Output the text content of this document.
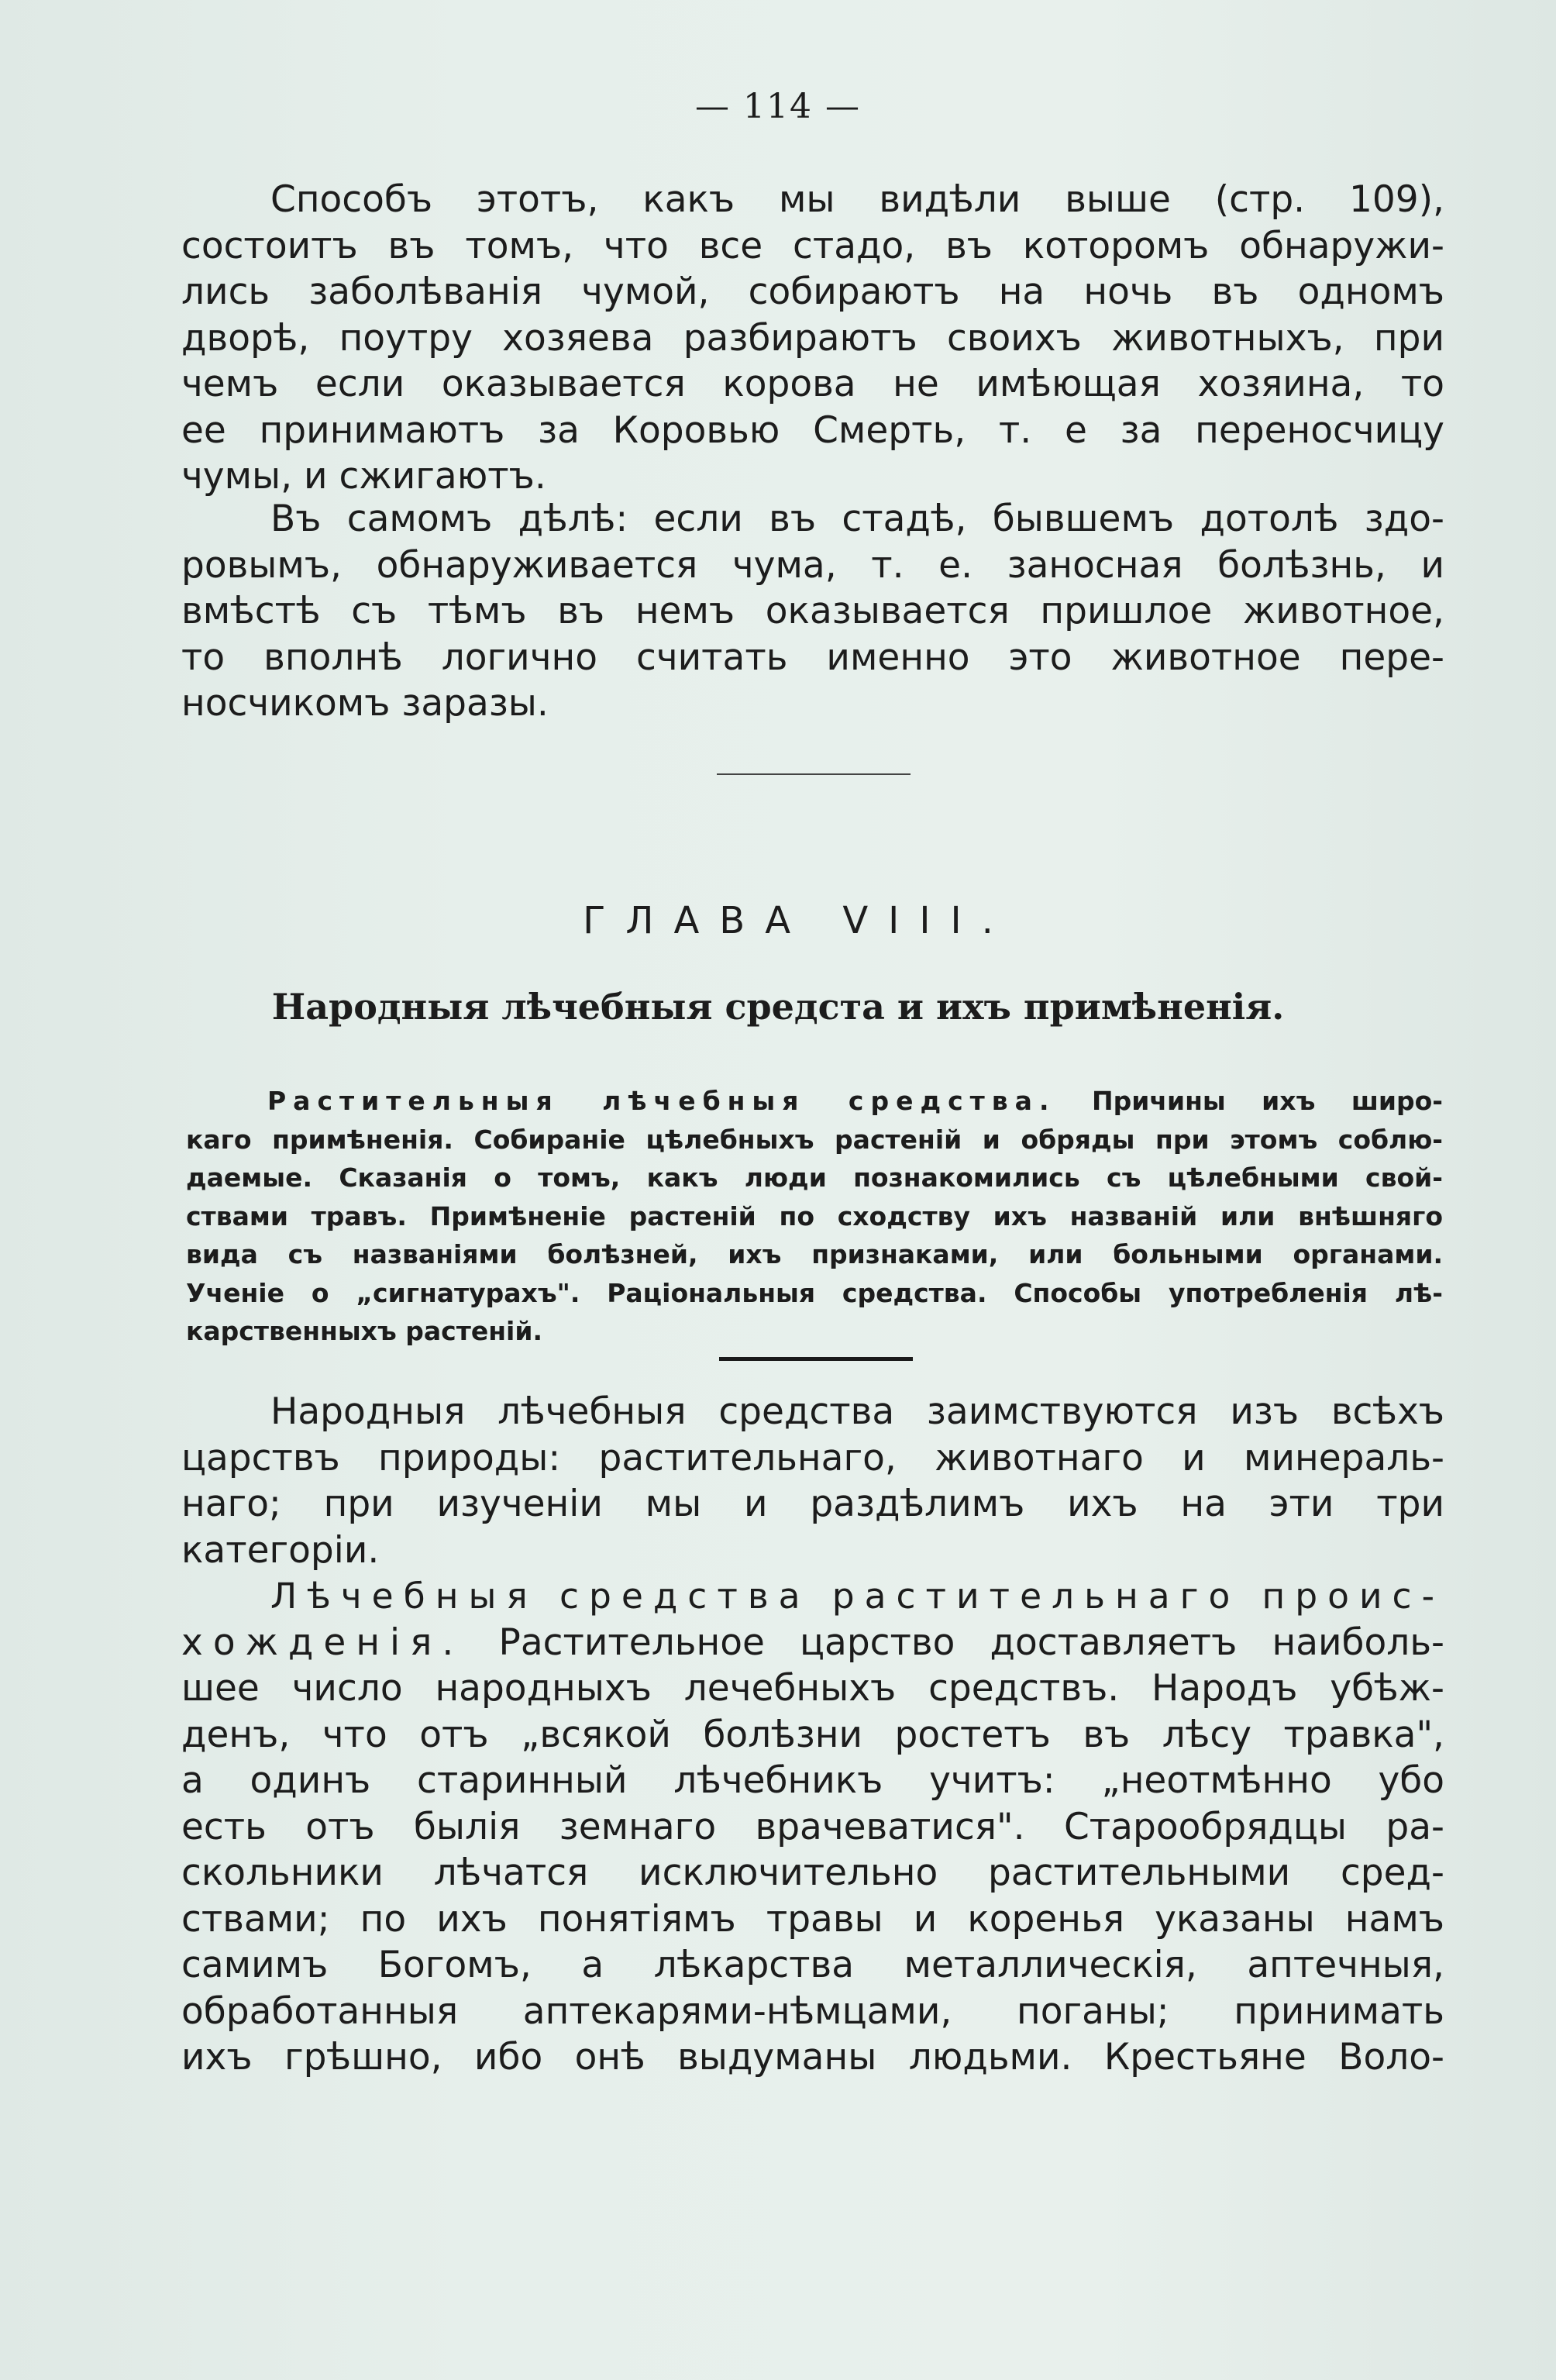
— 114 —
Способъ этотъ, какъ мы видѣли выше (стр. 109),
состоитъ въ томъ, что все стадо, въ которомъ обнаружи-
лись заболѣванія чумой, собираютъ на ночь въ одномъ
дворѣ, поутру хозяева разбираютъ своихъ животныхъ, при
чемъ если оказывается корова не имѣющая хозяина, то
ее принимаютъ за Коровью Смерть, т. е за переносчицу
чумы, и сжигаютъ.
Въ самомъ дѣлѣ: если въ стадѣ, бывшемъ дотолѣ здо-
ровымъ, обнаруживается чума, т. е. заносная болѣзнь, и
вмѣстѣ съ тѣмъ въ немъ оказывается пришлое животное,
то вполнѣ логично считать именно это животное пере-
носчикомъ заразы.
ГЛАВА VIII.
Народныя лѣчебныя средста и ихъ примѣненія.
Растительныя лѣчебныя средства. Причины ихъ широ-
каго примѣненія. Собираніе цѣлебныхъ растеній и обряды при этомъ соблю-
даемые. Сказанія о томъ, какъ люди познакомились съ цѣлебными свой-
ствами травъ. Примѣненіе растеній по сходству ихъ названій или внѣшняго
вида съ названіями болѣзней, ихъ признаками, или больными органами.
Ученіе о „сигнатурахъ". Раціональныя средства. Способы употребленія лѣ-
карственныхъ растеній.
Народныя лѣчебныя средства заимствуются изъ всѣхъ
царствъ природы: растительнаго, животнаго и минераль-
наго; при изученіи мы и раздѣлимъ ихъ на эти три
категоріи.
Лѣчебныя средства растительнаго проис-
хожденія. Растительное царство доставляетъ наиболь-
шее число народныхъ лечебныхъ средствъ. Народъ убѣж-
денъ, что отъ „всякой болѣзни ростетъ въ лѣсу травка",
а одинъ старинный лѣчебникъ учитъ: „неотмѣнно убо
есть отъ былія земнаго врачеватися". Старообрядцы ра-
скольники лѣчатся исключительно растительными сред-
ствами; по ихъ понятіямъ травы и коренья указаны намъ
самимъ Богомъ, а лѣкарства металлическія, аптечныя,
обработанныя аптекарями-нѣмцами, поганы; принимать
ихъ грѣшно, ибо онѣ выдуманы людьми. Крестьяне Воло-
